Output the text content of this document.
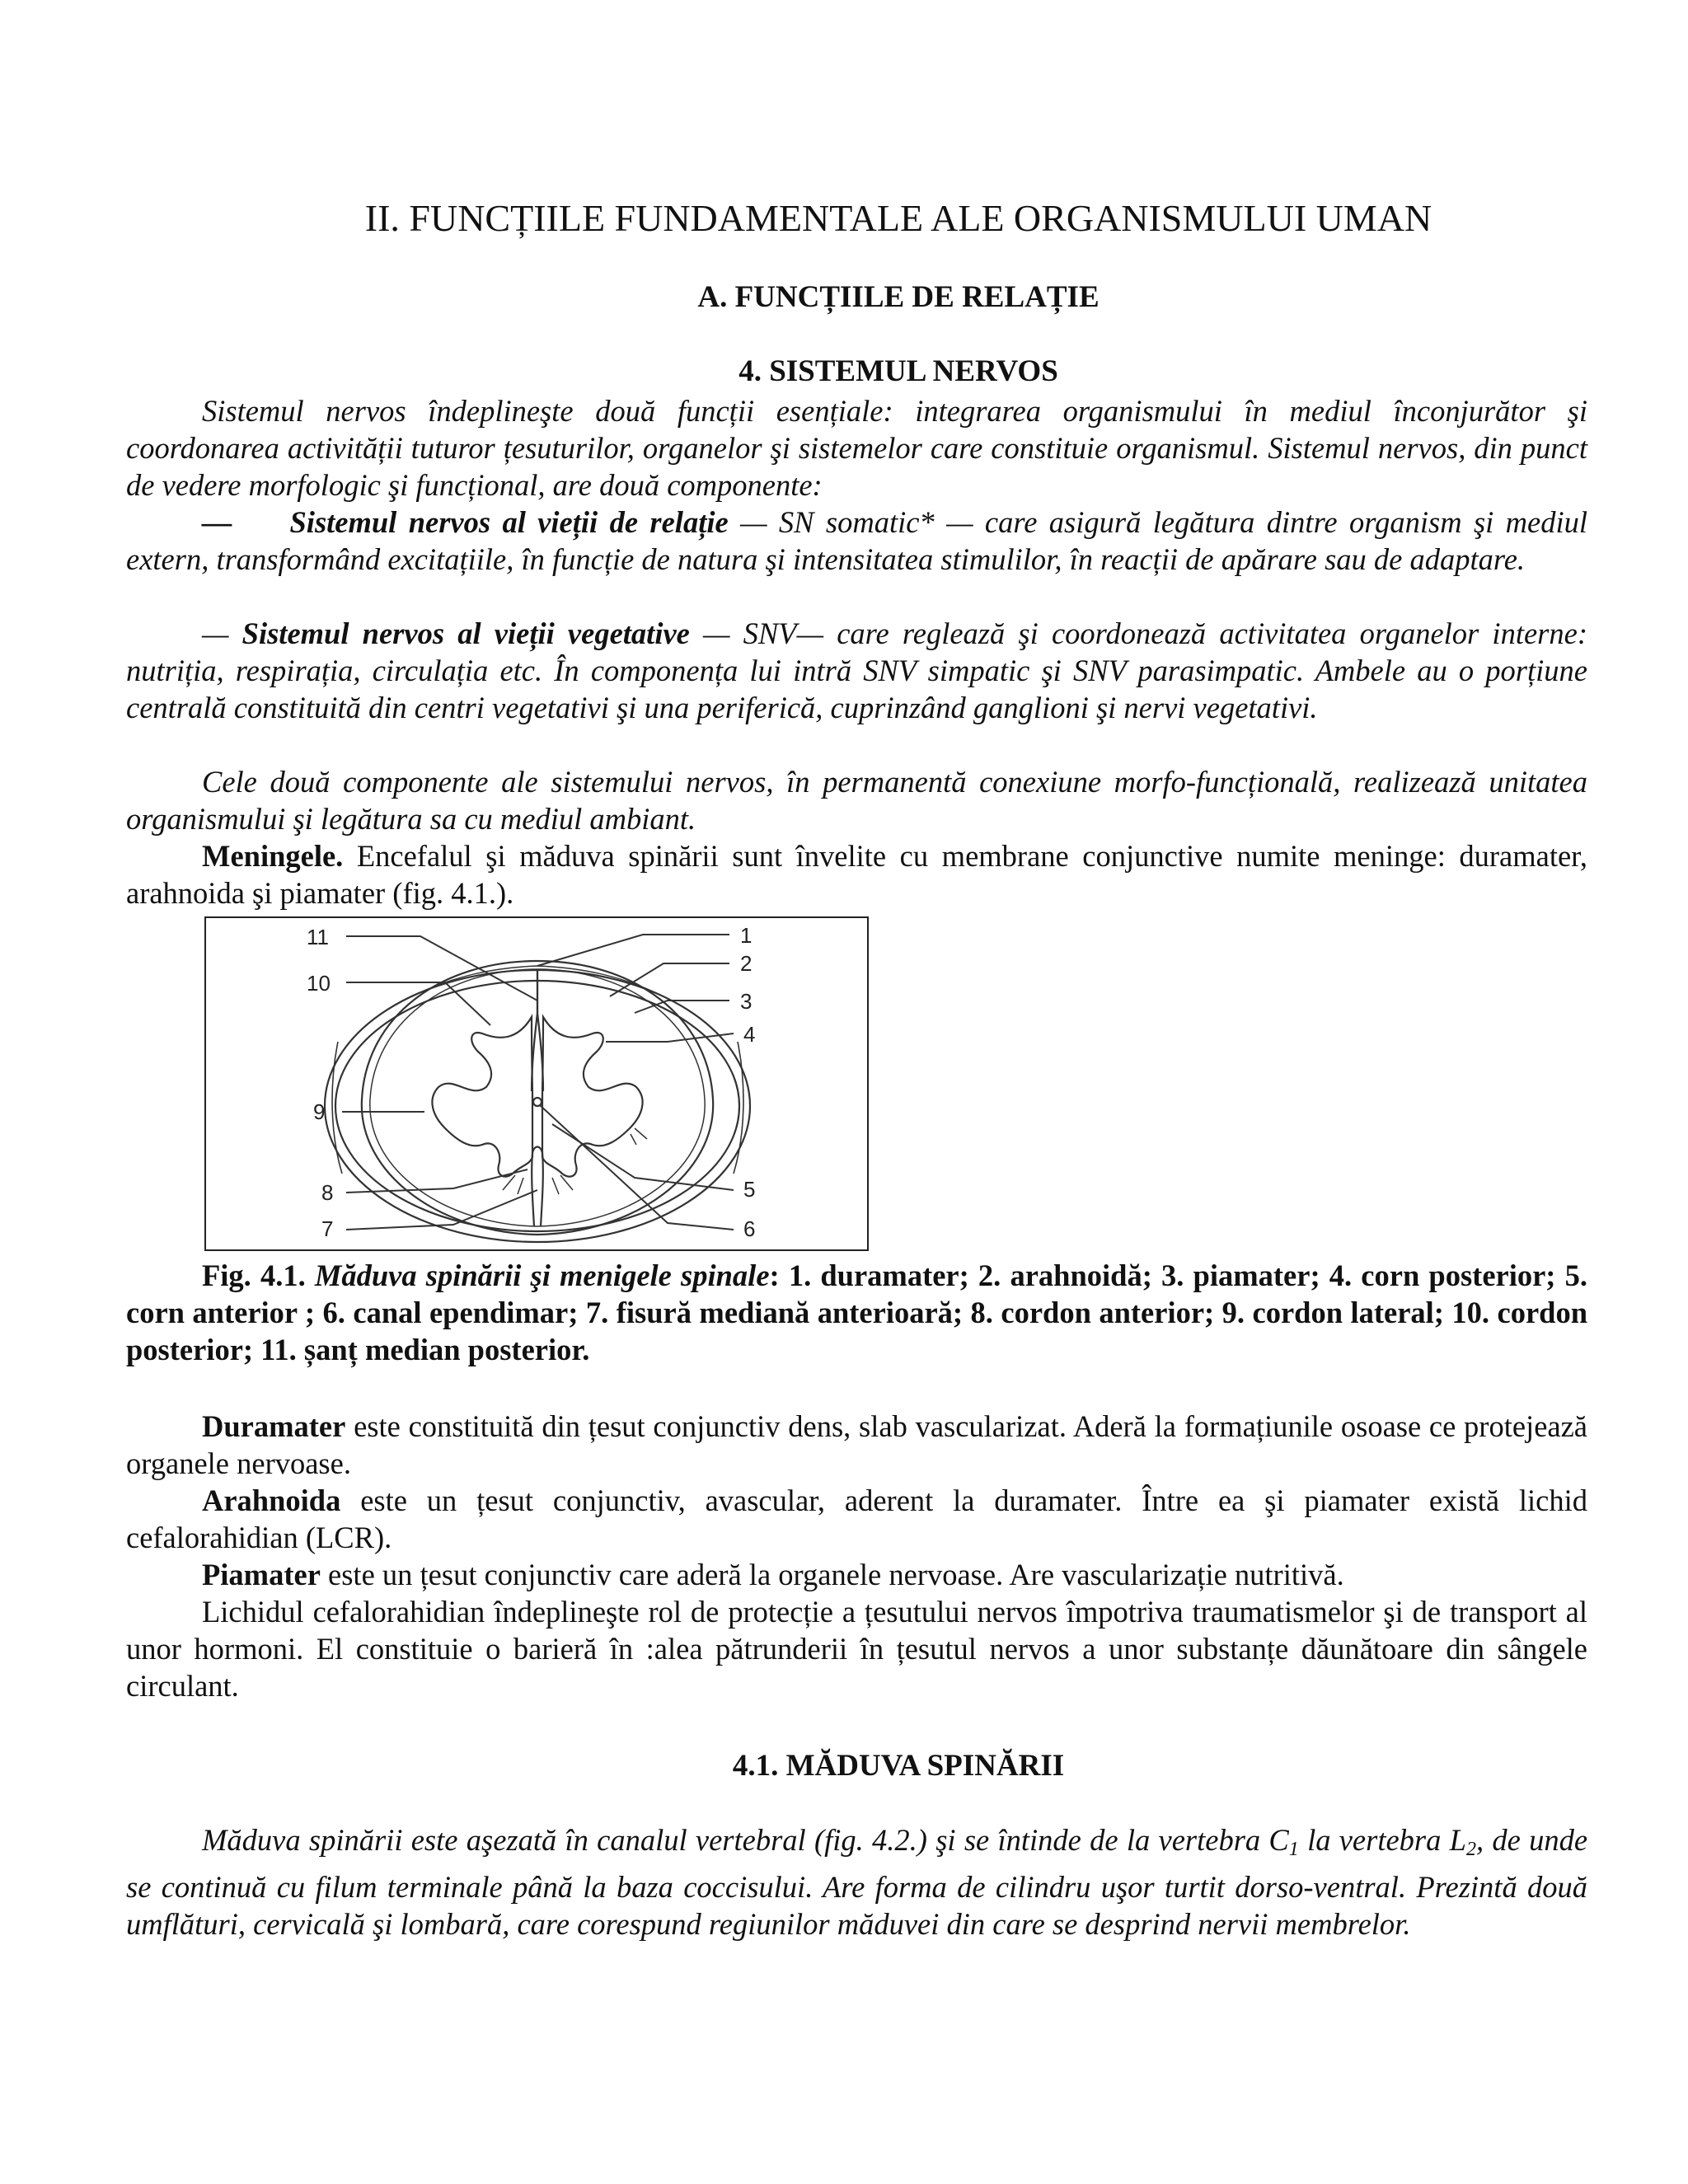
II. FUNCȚIILE FUNDAMENTALE ALE ORGANISMULUI UMAN
A. FUNCȚIILE DE RELAȚIE
4. SISTEMUL NERVOS
Sistemul nervos îndeplineşte două funcții esențiale: integrarea organismului în mediul înconjurător şi coordonarea activității tuturor țesuturilor, organelor şi sistemelor care constituie organismul. Sistemul nervos, din punct de vedere morfologic şi funcțional, are două componente:
— Sistemul nervos al vieții de relație — SN somatic* — care asigură legătura dintre organism şi mediul extern, transformând excitațiile, în funcție de natura şi intensitatea stimulilor, în reacții de apărare sau de adaptare.
— Sistemul nervos al vieții vegetative — SNV— care reglează şi coordonează activitatea organelor interne: nutriția, respirația, circulația etc. În componența lui intră SNV simpatic şi SNV parasimpatic. Ambele au o porțiune centrală constituită din centri vegetativi şi una periferică, cuprinzând ganglioni şi nervi vegetativi.
Cele două componente ale sistemului nervos, în permanentă conexiune morfo-funcțională, realizează unitatea organismului şi legătura sa cu mediul ambiant.
Meningele. Encefalul şi măduva spinării sunt învelite cu membrane conjunctive numite meninge: duramater, arahnoida şi piamater (fig. 4.1.).
1
2
3
4
5
6
7
8
9
10
11
Fig. 4.1. Măduva spinării şi menigele spinale: 1. duramater; 2. arahnoidă; 3. piamater; 4. corn posterior; 5. corn anterior ; 6. canal ependimar; 7. fisură mediană anterioară; 8. cordon anterior; 9. cordon lateral; 10. cordon posterior; 11. șanț median posterior.
Duramater este constituită din țesut conjunctiv dens, slab vascularizat. Aderă la formațiunile osoase ce protejează organele nervoase.
Arahnoida este un țesut conjunctiv, avascular, aderent la duramater. Între ea şi piamater există lichid cefalorahidian (LCR).
Piamater este un țesut conjunctiv care aderă la organele nervoase. Are vascularizație nutritivă.
Lichidul cefalorahidian îndeplineşte rol de protecție a țesutului nervos împotriva traumatismelor şi de transport al unor hormoni. El constituie o barieră în :alea pătrunderii în țesutul nervos a unor substanțe dăunătoare din sângele circulant.
4.1. MĂDUVA SPINĂRII
Măduva spinării este aşezată în canalul vertebral (fig. 4.2.) şi se întinde de la vertebra $C_1$ la vertebra $L_2$, de unde se continuă cu filum terminale până la baza coccisului. Are forma de cilindru uşor turtit dorso-ventral. Prezintă două umflături, cervicală şi lombară, care corespund regiunilor măduvei din care se desprind nervii membrelor.
